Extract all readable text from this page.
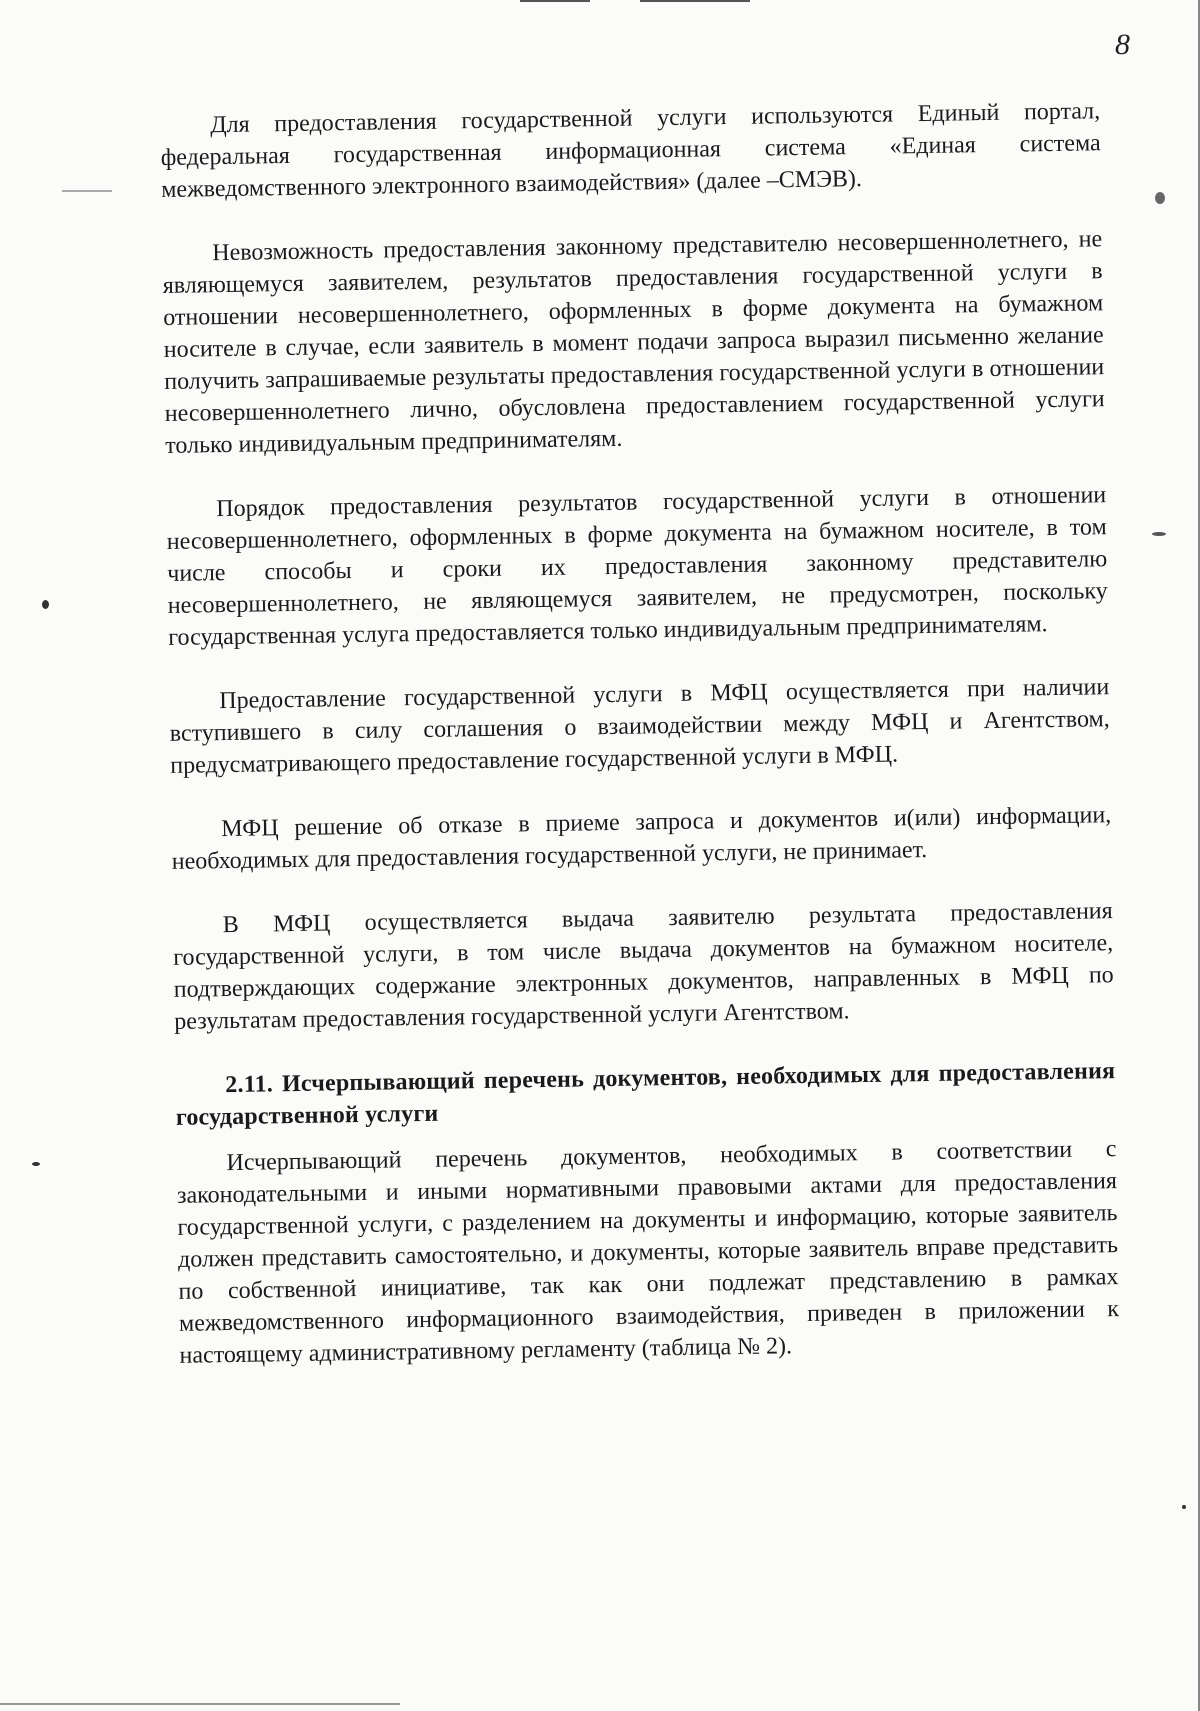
8

Для предоставления государственной услуги используются Единый портал, федеральная государственная информационная система «Единая система межведомственного электронного взаимодействия» (далее –СМЭВ).

Невозможность предоставления законному представителю несовершеннолетнего, не являющемуся заявителем, результатов предоставления государственной услуги в отношении несовершеннолетнего, оформленных в форме документа на бумажном носителе в случае, если заявитель в момент подачи запроса выразил письменно желание получить запрашиваемые результаты предоставления государственной услуги в отношении несовершеннолетнего лично, обусловлена предоставлением государственной услуги только индивидуальным предпринимателям.

Порядок предоставления результатов государственной услуги в отношении несовершеннолетнего, оформленных в форме документа на бумажном носителе, в том числе способы и сроки их предоставления законному представителю несовершеннолетнего, не являющемуся заявителем, не предусмотрен, поскольку государственная услуга предоставляется только индивидуальным предпринимателям.

Предоставление государственной услуги в МФЦ осуществляется при наличии вступившего в силу соглашения о взаимодействии между МФЦ и Агентством, предусматривающего предоставление государственной услуги в МФЦ.

МФЦ решение об отказе в приеме запроса и документов и(или) информации, необходимых для предоставления государственной услуги, не принимает.

В МФЦ осуществляется выдача заявителю результата предоставления государственной услуги, в том числе выдача документов на бумажном носителе, подтверждающих содержание электронных документов, направленных в МФЦ по результатам предоставления государственной услуги Агентством.

2.11. Исчерпывающий перечень документов, необходимых для предоставления государственной услуги

Исчерпывающий перечень документов, необходимых в соответствии с законодательными и иными нормативными правовыми актами для предоставления государственной услуги, с разделением на документы и информацию, которые заявитель должен представить самостоятельно, и документы, которые заявитель вправе представить по собственной инициативе, так как они подлежат представлению в рамках межведомственного информационного взаимодействия, приведен в приложении к настоящему административному регламенту (таблица № 2).
